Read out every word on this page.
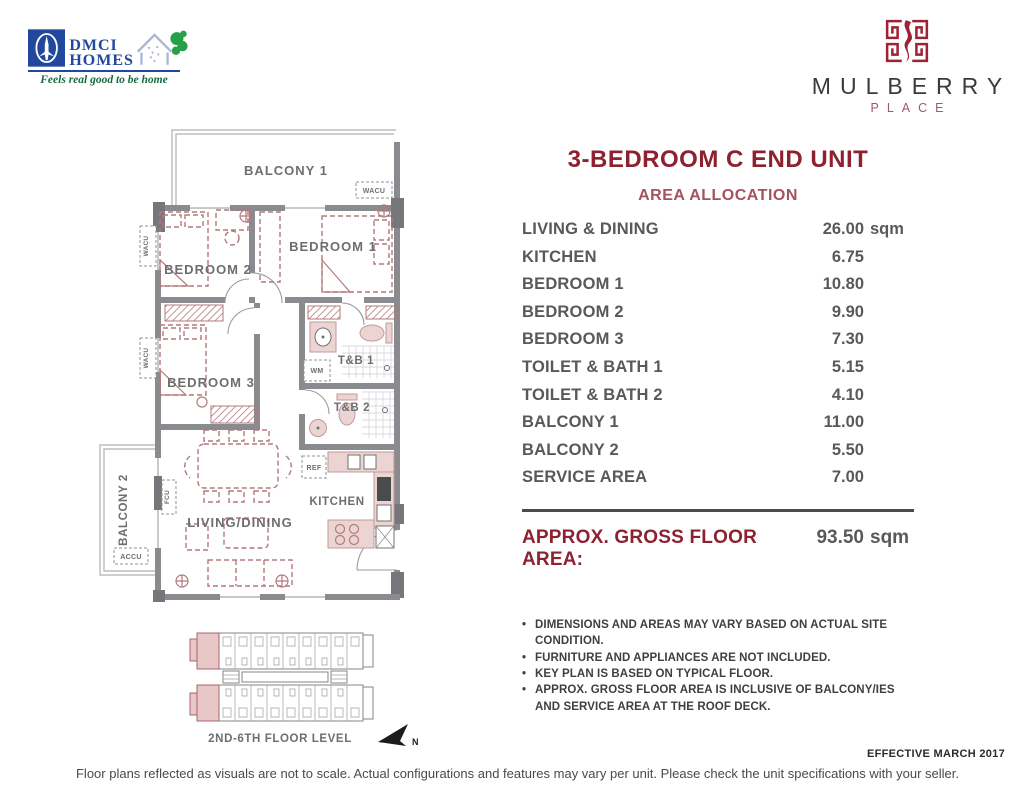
DMCI
HOMES
Feels real good to be home	MULBERRY
PLACE
3-BEDROOM C END UNIT
AREA ALLOCATION
LIVING & DINING	26.00 sqm
KITCHEN	6.75
BEDROOM 1	10.80
BEDROOM 2	9.90
BEDROOM 3	7.30
TOILET & BATH 1	5.15
TOILET & BATH 2	4.10
BALCONY 1	11.00
BALCONY 2	5.50
SERVICE AREA	7.00
APPROX. GROSS FLOOR AREA:
93.50 sqm
• DIMENSIONS AND AREAS MAY VARY BASED ON ACTUAL SITE CONDITION.
• FURNITURE AND APPLIANCES ARE NOT INCLUDED.
• KEY PLAN IS BASED ON TYPICAL FLOOR.
• APPROX. GROSS FLOOR AREA IS INCLUSIVE OF BALCONY/IES AND SERVICE AREA AT THE ROOF DECK.
BALCONY 1
WACU
BALCONY 2
ACCU
BEDROOM 2
BEDROOM 1
BEDROOM 3
WM
T&B 1
T&B 2
REF
KITCHEN
LIVING/DINING
WACU
WACU
FCU
2ND-6TH FLOOR LEVEL	N
EFFECTIVE MARCH 2017
Floor plans reflected as visuals are not to scale. Actual configurations and features may vary per unit. Please check the unit specifications with your seller.
